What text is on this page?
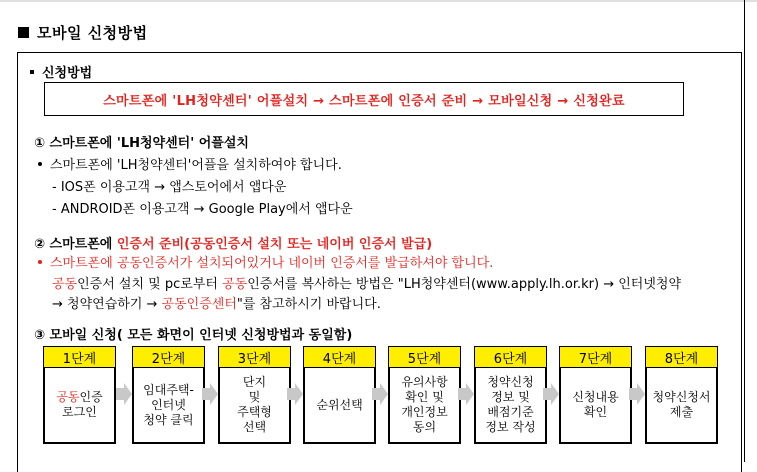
모바일 신청방법
신청방법
스마트폰에 'LH청약센터' 어플설치 → 스마트폰에 인증서 준비 → 모바일신청 → 신청완료
① 스마트폰에 'LH청약센터' 어플설치
스마트폰에 'LH청약센터'어플을 설치하여야 합니다.
- IOS폰 이용고객 → 앱스토어에서 앱다운
- ANDROID폰 이용고객 → Google Play에서 앱다운
② 스마트폰에 인증서 준비(공동인증서 설치 또는 네이버 인증서 발급)
스마트폰에 공동인증서가 설치되어있거나 네이버 인증서를 발급하셔야 합니다.
공동인증서 설치 및 pc로부터 공동인증서를 복사하는 방법은 "LH청약센터(www.apply.lh.or.kr) → 인터넷청약
→ 청약연습하기 → 공동인증센터"를 참고하시기 바랍니다.
③ 모바일 신청( 모든 화면이 인터넷 신청방법과 동일함)
1단계
공동인증
로그인
2단계
임대주택-
인터넷
청약 클릭
3단계
단지
및
주택형
선택
4단계
순위선택
5단계
유의사항
확인 및
개인정보
동의
6단계
청약신청
정보 및
배점기준
정보 작성
7단계
신청내용
확인
8단계
청약신청서
제출
